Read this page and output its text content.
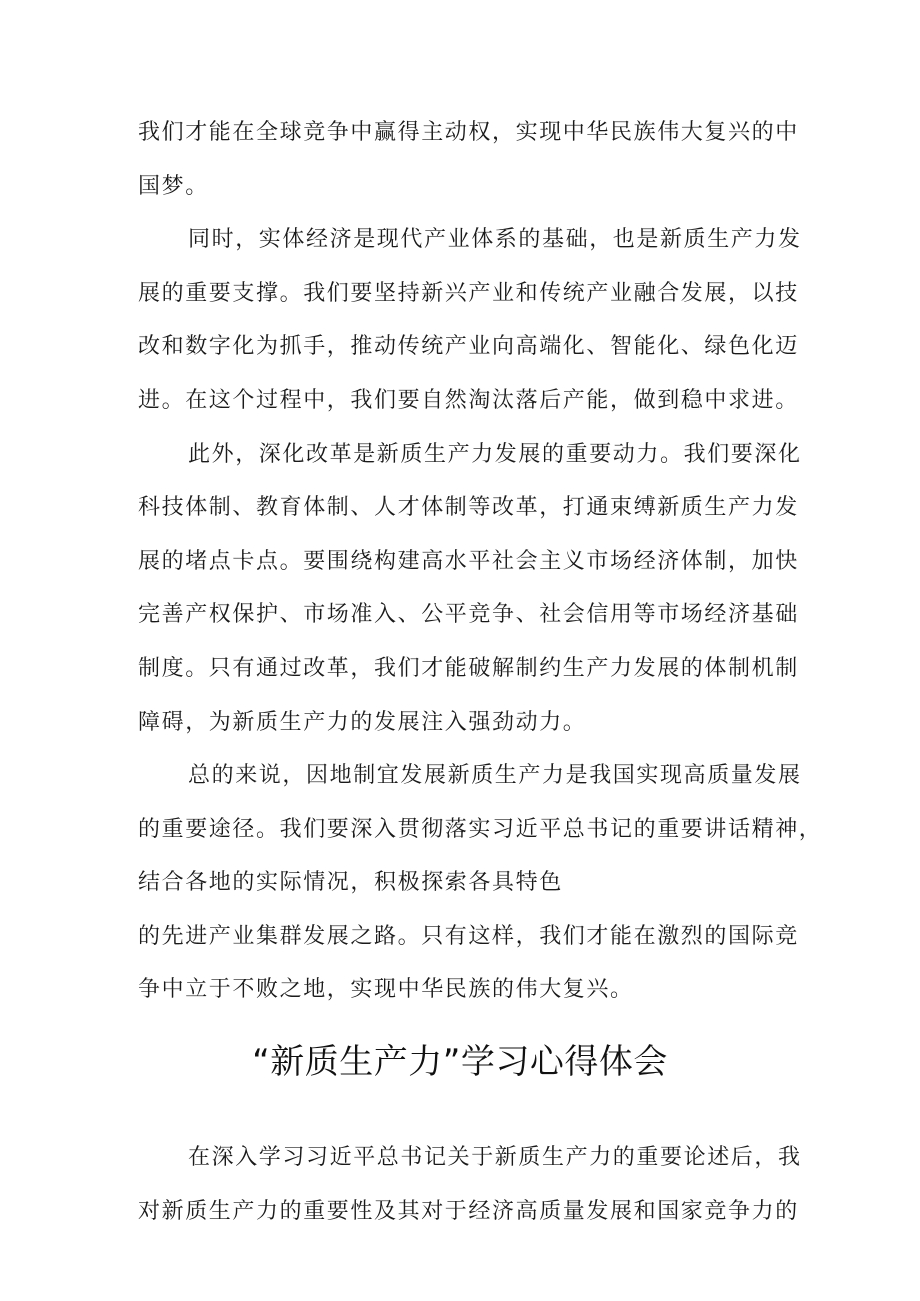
我们才能在全球竞争中赢得主动权，实现中华民族伟大复兴的中
国梦。
同时，实体经济是现代产业体系的基础，也是新质生产力发
展的重要支撑。我们要坚持新兴产业和传统产业融合发展，以技
改和数字化为抓手，推动传统产业向高端化、智能化、绿色化迈
进。在这个过程中，我们要自然淘汰落后产能，做到稳中求进。
此外，深化改革是新质生产力发展的重要动力。我们要深化
科技体制、教育体制、人才体制等改革，打通束缚新质生产力发
展的堵点卡点。要围绕构建高水平社会主义市场经济体制，加快
完善产权保护、市场准入、公平竞争、社会信用等市场经济基础
制度。只有通过改革，我们才能破解制约生产力发展的体制机制
障碍，为新质生产力的发展注入强劲动力。
总的来说，因地制宜发展新质生产力是我国实现高质量发展
的重要途径。我们要深入贯彻落实习近平总书记的重要讲话精神，
结合各地的实际情况，积极探索各具特色
的先进产业集群发展之路。只有这样，我们才能在激烈的国际竞
争中立于不败之地，实现中华民族的伟大复兴。
“新质生产力”学习心得体会
在深入学习习近平总书记关于新质生产力的重要论述后，我
对新质生产力的重要性及其对于经济高质量发展和国家竞争力的
